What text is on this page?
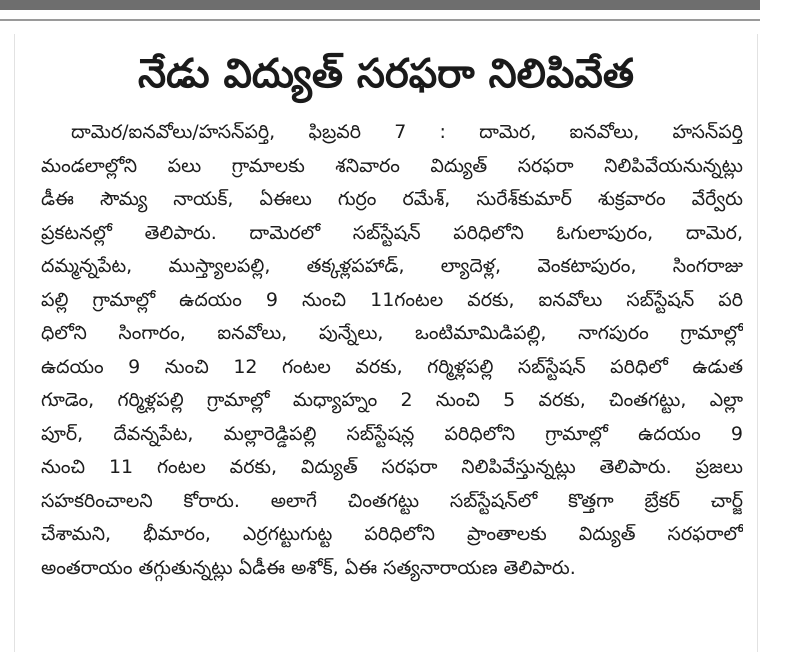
నేడు విద్యుత్ సరఫరా నిలిపివేత
దామెర/ఐనవోలు/హసన్‌పర్తి, ఫిబ్రవరి 7 : దామెర, ఐనవోలు, హసన్‌పర్తి
మండలాల్లోని పలు గ్రామాలకు శనివారం విద్యుత్ సరఫరా నిలిపివేయనున్నట్లు
డీఈ సౌమ్య నాయక్, ఏఈలు గుర్రం రమేశ్, సురేశ్‌కుమార్ శుక్రవారం వేర్వేరు
ప్రకటనల్లో తెలిపారు. దామెరలో సబ్‌స్టేషన్ పరిధిలోని ఓగులాపురం, దామెర,
దమ్మన్నపేట, ముస్త్యాలపల్లి, తక్కళ్లపహాడ్, ల్యాదెళ్ల, వెంకటాపురం, సింగరాజు
పల్లి గ్రామాల్లో ఉదయం 9 నుంచి 11గంటల వరకు, ఐనవోలు సబ్‌స్టేషన్ పరి
ధిలోని సింగారం, ఐనవోలు, పున్నేలు, ఒంటిమామిడిపల్లి, నాగపురం గ్రామాల్లో
ఉదయం 9 నుంచి 12 గంటల వరకు, గర్మిళ్లపల్లి సబ్‌స్టేషన్ పరిధిలో ఉడుత
గూడెం, గర్మిళ్లపల్లి గ్రామాల్లో మధ్యాహ్నం 2 నుంచి 5 వరకు, చింతగట్టు, ఎల్లా
పూర్, దేవన్నపేట, మల్లారెడ్డిపల్లి సబ్‌స్టేషన్ల పరిధిలోని గ్రామాల్లో ఉదయం 9
నుంచి 11 గంటల వరకు, విద్యుత్ సరఫరా నిలిపివేస్తున్నట్లు తెలిపారు. ప్రజలు
సహకరించాలని కోరారు. అలాగే చింతగట్టు సబ్‌స్టేషన్‌లో కొత్తగా బ్రేకర్ చార్జ్
చేశామని, భీమారం, ఎర్రగట్టుగుట్ట పరిధిలోని ప్రాంతాలకు విద్యుత్ సరఫరాలో
అంతరాయం తగ్గుతున్నట్లు ఏడీఈ అశోక్, ఏఈ సత్యనారాయణ తెలిపారు.
